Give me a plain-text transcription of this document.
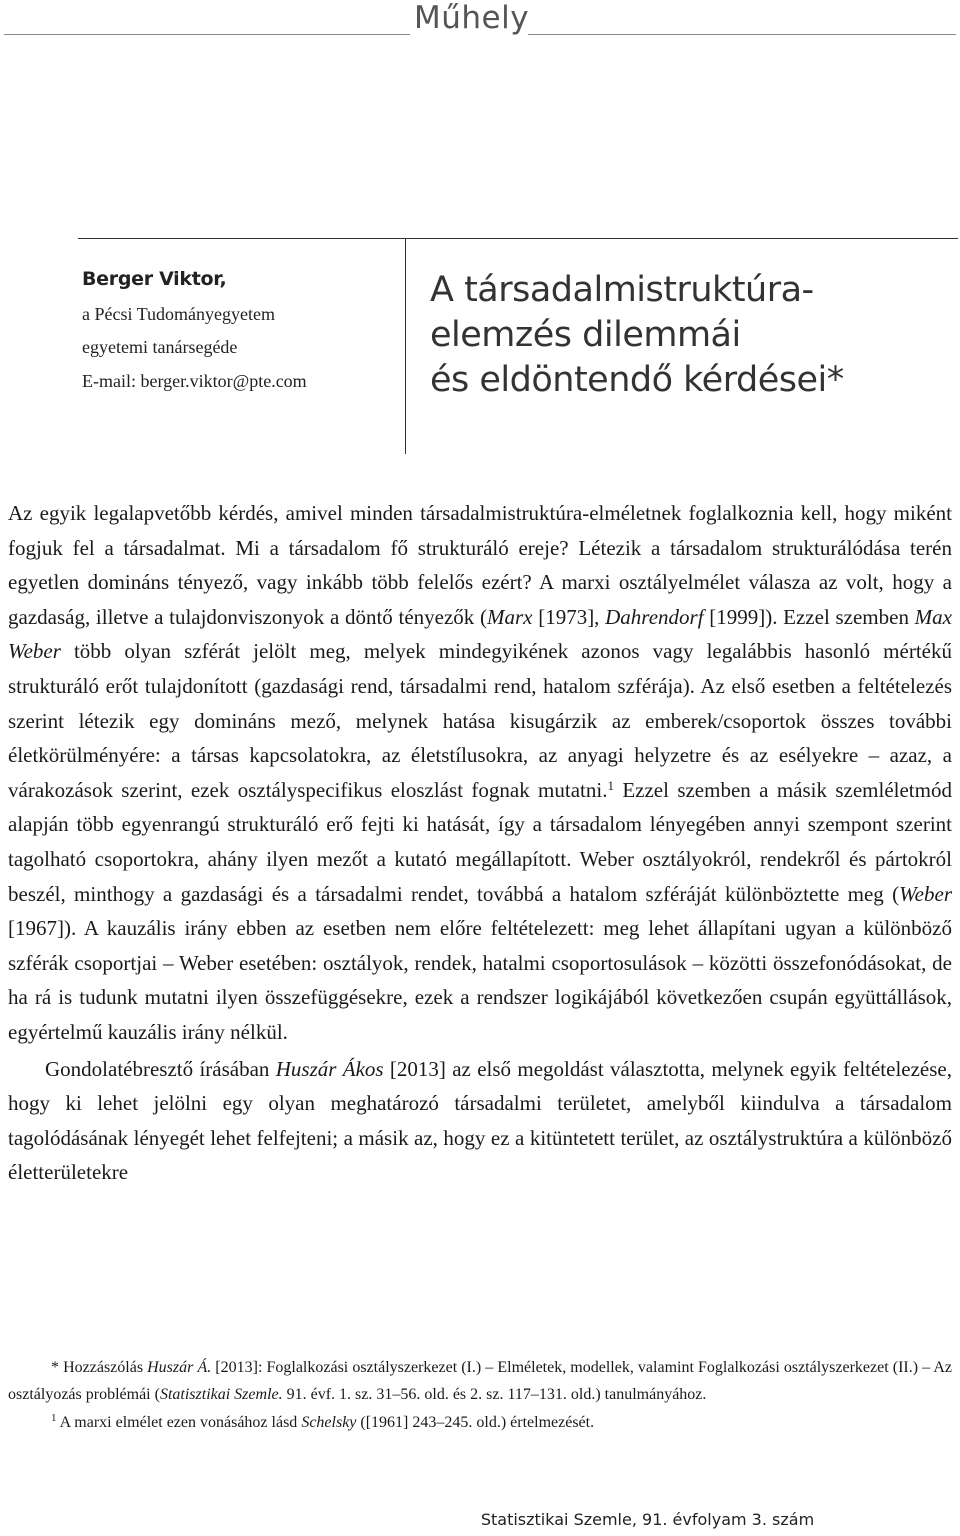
Műhely
Berger Viktor,
a Pécsi Tudományegyetem
egyetemi tanársegéde
E-mail: berger.viktor@pte.com
A társadalmistruktúra-
elemzés dilemmái
és eldöntendő kérdései*

Az egyik legalapvetőbb kérdés, amivel minden társadalmistruktúra-elméletnek foglalkoznia kell, hogy miként fogjuk fel a társadalmat. Mi a társadalom fő strukturáló ereje? Létezik a társadalom strukturálódása terén egyetlen domináns tényező, vagy inkább több felelős ezért? A marxi osztályelmélet válasza az volt, hogy a gazdaság, illetve a tulajdonviszonyok a döntő tényezők (Marx [1973], Dahrendorf [1999]). Ezzel szemben Max Weber több olyan szférát jelölt meg, melyek mindegyikének azonos vagy legalábbis hasonló mértékű strukturáló erőt tulajdonított (gazdasági rend, társadalmi rend, hatalom szférája). Az első esetben a feltételezés szerint létezik egy domináns mező, melynek hatása kisugárzik az emberek/csoportok összes további életkörülményére: a társas kapcsolatokra, az életstílusokra, az anyagi helyzetre és az esélyekre – azaz, a várakozások szerint, ezek osztályspecifikus eloszlást fognak mutatni.$^1$ Ezzel szemben a másik szemléletmód alapján több egyenrangú strukturáló erő fejti ki hatását, így a társadalom lényegében annyi szempont szerint tagolható csoportokra, ahány ilyen mezőt a kutató megállapított. Weber osztályokról, rendekről és pártokról beszél, minthogy a gazdasági és a társadalmi rendet, továbbá a hatalom szféráját különböztette meg (Weber [1967]). A kauzális irány ebben az esetben nem előre feltételezett: meg lehet állapítani ugyan a különböző szférák csoportjai – Weber esetében: osztályok, rendek, hatalmi csoportosulások – közötti összefonódásokat, de ha rá is tudunk mutatni ilyen összefüggésekre, ezek a rendszer logikájából következően csupán együttállások, egyértelmű kauzális irány nélkül.

Gondolatébresztő írásában Huszár Ákos [2013] az első megoldást választotta, melynek egyik feltételezése, hogy ki lehet jelölni egy olyan meghatározó társadalmi területet, amelyből kiindulva a társadalom tagolódásának lényegét lehet felfejteni; a másik az, hogy ez a kitüntetett terület, az osztálystruktúra a különböző életterületekre

* Hozzászólás Huszár Á. [2013]: Foglalkozási osztályszerkezet (I.) – Elméletek, modellek, valamint Foglalkozási osztályszerkezet (II.) – Az osztályozás problémái (Statisztikai Szemle. 91. évf. 1. sz. 31–56. old. és 2. sz. 117–131. old.) tanulmányához.

$^1$ A marxi elmélet ezen vonásához lásd Schelsky ([1961] 243–245. old.) értelmezését.

Statisztikai Szemle, 91. évfolyam 3. szám
